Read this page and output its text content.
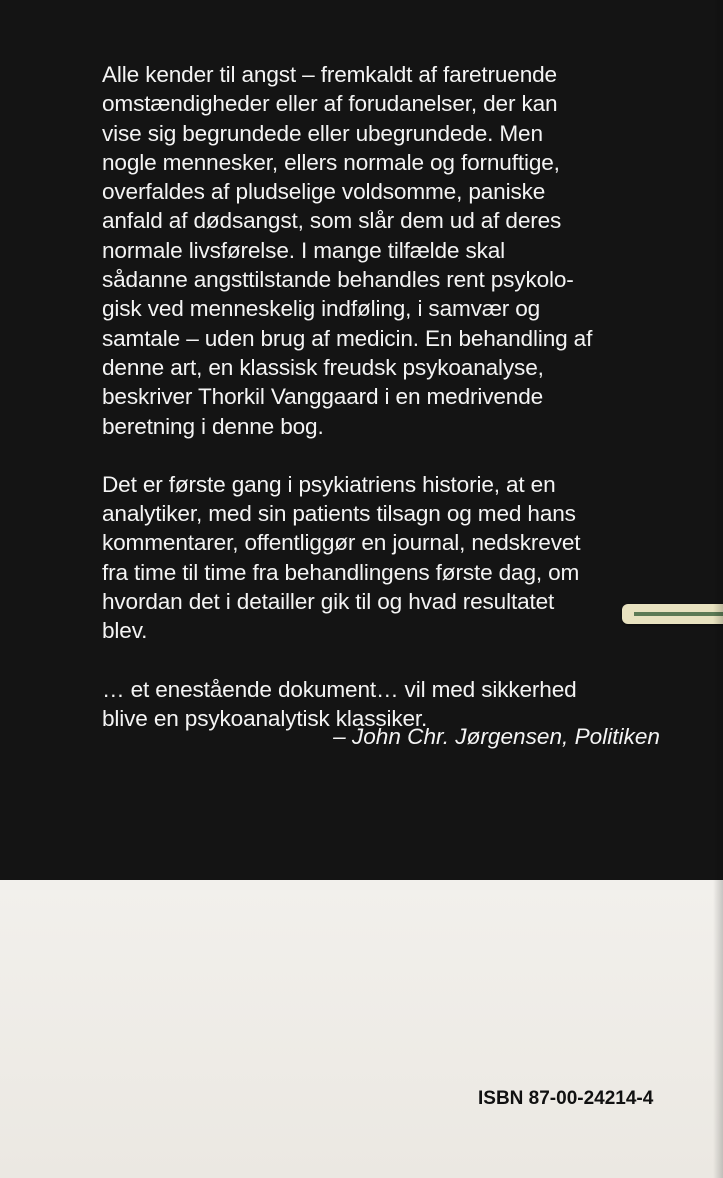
Alle kender til angst – fremkaldt af faretruende
omstændigheder eller af forudanelser, der kan
vise sig begrundede eller ubegrundede. Men
nogle mennesker, ellers normale og fornuftige,
overfaldes af pludselige voldsomme, paniske
anfald af dødsangst, som slår dem ud af deres
normale livsførelse. I mange tilfælde skal
sådanne angsttilstande behandles rent psykolo-
gisk ved menneskelig indføling, i samvær og
samtale – uden brug af medicin. En behandling af
denne art, en klassisk freudsk psykoanalyse,
beskriver Thorkil Vanggaard i en medrivende
beretning i denne bog.

Det er første gang i psykiatriens historie, at en
analytiker, med sin patients tilsagn og med hans
kommentarer, offentliggør en journal, nedskrevet
fra time til time fra behandlingens første dag, om
hvordan det i detailler gik til og hvad resultatet
blev.

… et enestående dokument… vil med sikkerhed
blive en psykoanalytisk klassiker.

– John Chr. Jørgensen, Politiken
ISBN 87-00-24214-4
